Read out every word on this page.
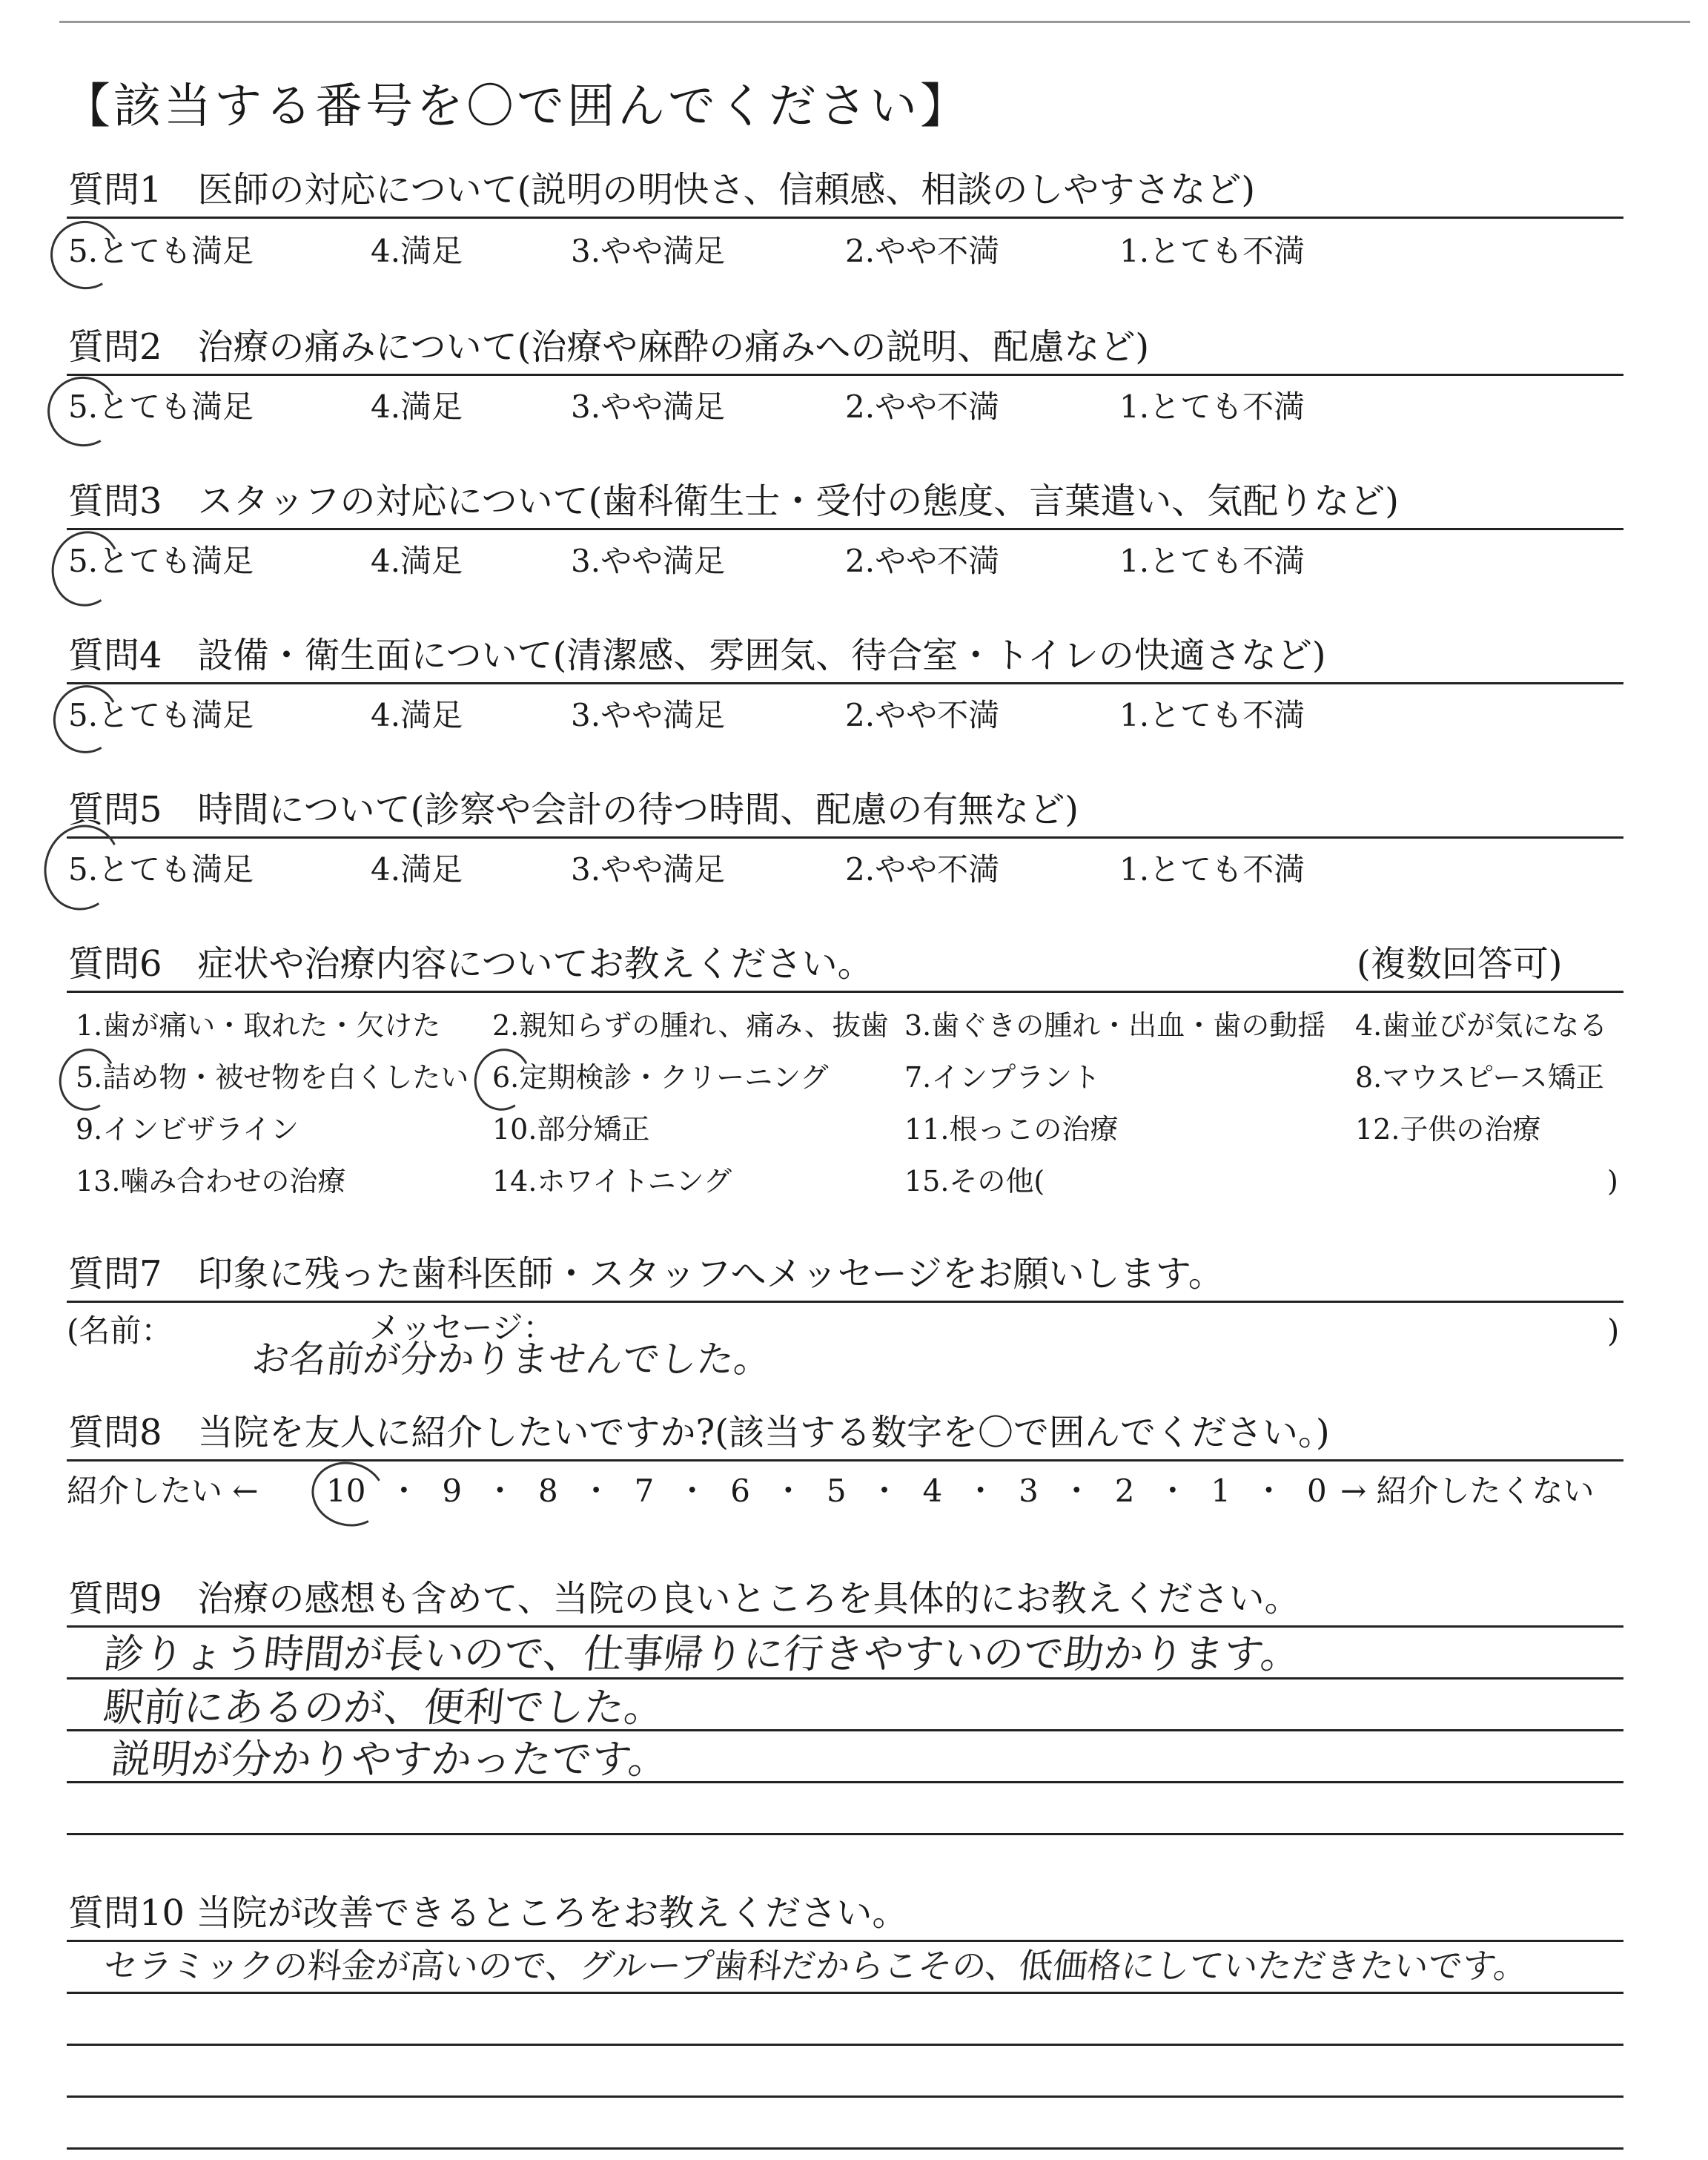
【該当する番号を〇で囲んでください】
質問1　医師の対応について(説明の明快さ、信頼感、相談のしやすさなど)
5.とても満足	4.満足	3.やや満足	2.やや不満	1.とても不満
質問2　治療の痛みについて(治療や麻酔の痛みへの説明、配慮など)
5.とても満足	4.満足	3.やや満足	2.やや不満	1.とても不満
質問3　スタッフの対応について(歯科衛生士・受付の態度、言葉遣い、気配りなど)
5.とても満足	4.満足	3.やや満足	2.やや不満	1.とても不満
質問4　設備・衛生面について(清潔感、雰囲気、待合室・トイレの快適さなど)
5.とても満足	4.満足	3.やや満足	2.やや不満	1.とても不満
質問5　時間について(診察や会計の待つ時間、配慮の有無など)
5.とても満足	4.満足	3.やや満足	2.やや不満	1.とても不満
質問6　症状や治療内容についてお教えください。	(複数回答可)
1.歯が痛い・取れた・欠けた 2.親知らずの腫れ、痛み、抜歯 3.歯ぐきの腫れ・出血・歯の動揺 4.歯並びが気になる
5.詰め物・被せ物を白くしたい 6.定期検診・クリーニング	7.インプラント	8.マウスピース矯正
9.インビザライン	10.部分矯正	11.根っこの治療	12.子供の治療
13.噛み合わせの治療	14.ホワイトニング	15.その他(	)
質問7　印象に残った歯科医師・スタッフへメッセージをお願いします。
(名前：	メッセージ：	)
お名前が分かりませんでした。
質問8　当院を友人に紹介したいですか?(該当する数字を〇で囲んでください。)
紹介したい ← 10 ・ 9 ・ 8 ・ 7 ・ 6 ・ 5 ・ 4 ・ 3 ・ 2 ・ 1 ・ 0 → 紹介したくない
質問9　治療の感想も含めて、当院の良いところを具体的にお教えください。
診りょう時間が長いので、仕事帰りに行きやすいので助かります。
駅前にあるのが、便利でした。
説明が分かりやすかったです。
質問10 当院が改善できるところをお教えください。
セラミックの料金が高いので、グループ歯科だからこその、低価格にしていただきたいです。
